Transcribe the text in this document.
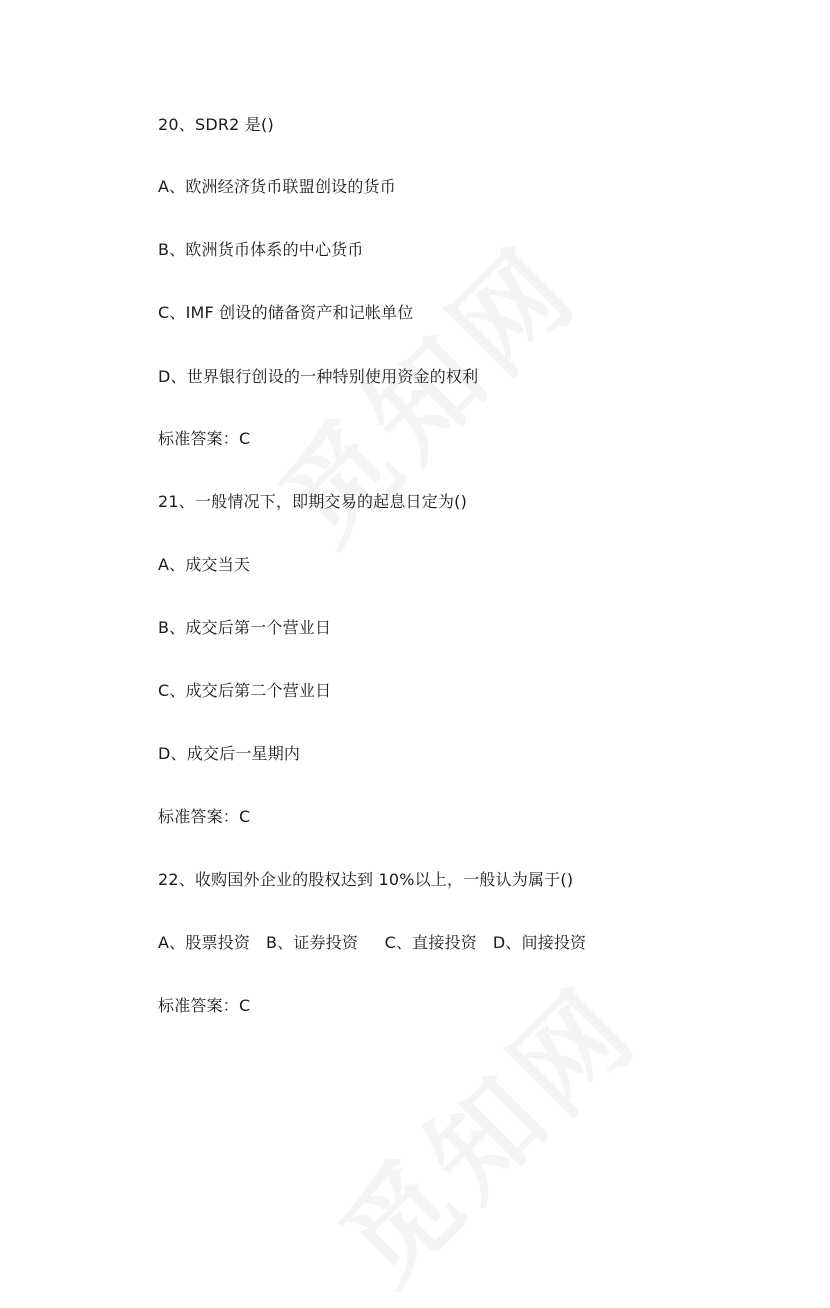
20、SDR2 是()
A、欧洲经济货币联盟创设的货币
B、欧洲货币体系的中心货币
C、IMF 创设的储备资产和记帐单位
D、世界银行创设的一种特别使用资金的权利
标准答案：C
21、一般情况下，即期交易的起息日定为()
A、成交当天
B、成交后第一个营业日
C、成交后第二个营业日
D、成交后一星期内
标准答案：C
22、收购国外企业的股权达到 10%以上，一般认为属于()
A、股票投资   B、证券投资     C、直接投资   D、间接投资
标准答案：C
